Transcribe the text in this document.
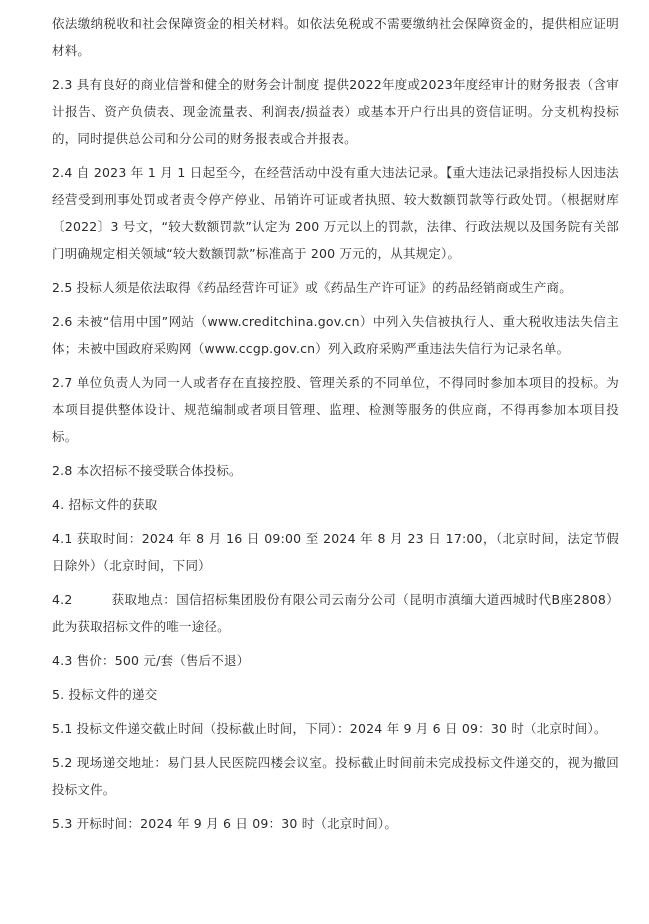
依法缴纳税收和社会保障资金的相关材料。如依法免税或不需要缴纳社会保障资金的，提供相应证明材料。

2.3 具有良好的商业信誉和健全的财务会计制度 提供2022年度或2023年度经审计的财务报表（含审计报告、资产负债表、现金流量表、利润表/损益表）或基本开户行出具的资信证明。分支机构投标的，同时提供总公司和分公司的财务报表或合并报表。

2.4 自 2023 年 1 月 1 日起至今，在经营活动中没有重大违法记录。【重大违法记录指投标人因违法经营受到刑事处罚或者责令停产停业、吊销许可证或者执照、较大数额罚款等行政处罚。（根据财库〔2022〕3 号文，“较大数额罚款”认定为 200 万元以上的罚款，法律、行政法规以及国务院有关部门明确规定相关领域“较大数额罚款”标准高于 200 万元的，从其规定）。

2.5 投标人须是依法取得《药品经营许可证》或《药品生产许可证》的药品经销商或生产商。

2.6 未被“信用中国”网站（www.creditchina.gov.cn）中列入失信被执行人、重大税收违法失信主体；未被中国政府采购网（www.ccgp.gov.cn）列入政府采购严重违法失信行为记录名单。

2.7 单位负责人为同一人或者存在直接控股、管理关系的不同单位，不得同时参加本项目的投标。为本项目提供整体设计、规范编制或者项目管理、监理、检测等服务的供应商，不得再参加本项目投标。

2.8 本次招标不接受联合体投标。

4. 招标文件的获取

4.1 获取时间：2024 年 8 月 16 日 09:00 至 2024 年 8 月 23 日 17:00，（北京时间，法定节假日除外）（北京时间，下同）

4.2　　　获取地点：国信招标集团股份有限公司云南分公司（昆明市滇缅大道西城时代B座2808）此为获取招标文件的唯一途径。

4.3 售价：500 元/套（售后不退）

5. 投标文件的递交

5.1 投标文件递交截止时间（投标截止时间，下同）：2024 年 9 月 6 日 09：30 时（北京时间）。

5.2 现场递交地址：易门县人民医院四楼会议室。投标截止时间前未完成投标文件递交的，视为撤回投标文件。

5.3 开标时间：2024 年 9 月 6 日 09：30 时（北京时间）。
